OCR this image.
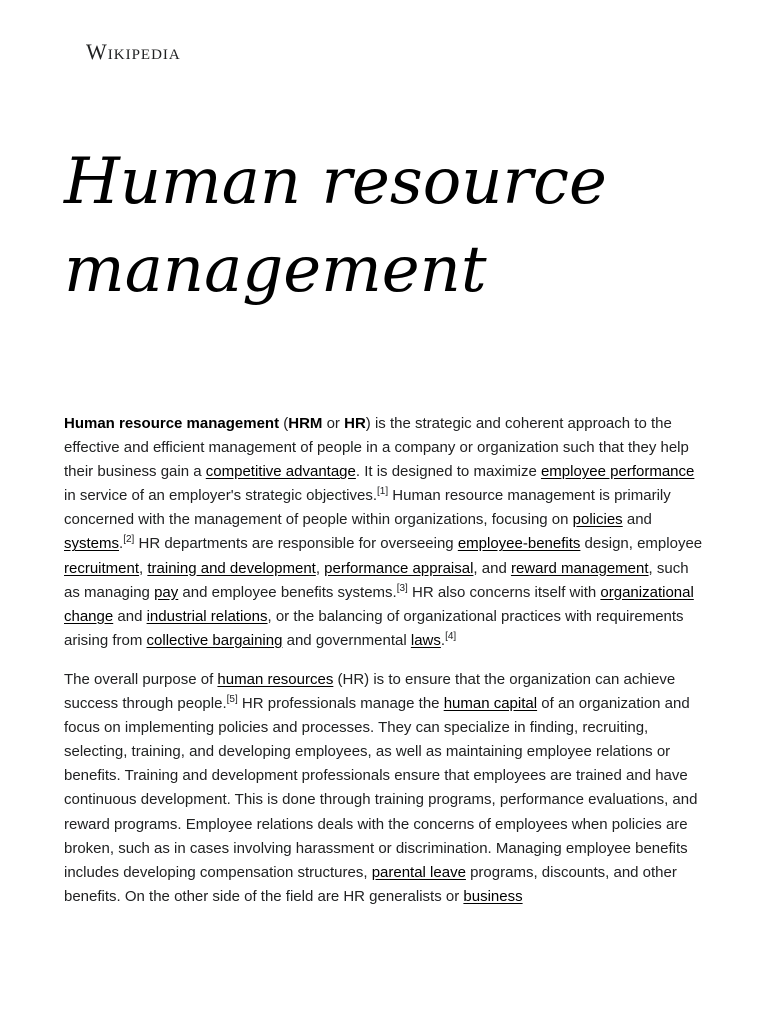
Wikipedia
Human resource management

Human resource management (HRM or HR) is the strategic and coherent approach to the effective and efficient management of people in a company or organization such that they help their business gain a competitive advantage. It is designed to maximize employee performance in service of an employer's strategic objectives.[1] Human resource management is primarily concerned with the management of people within organizations, focusing on policies and systems.[2] HR departments are responsible for overseeing employee-benefits design, employee recruitment, training and development, performance appraisal, and reward management, such as managing pay and employee benefits systems.[3] HR also concerns itself with organizational change and industrial relations, or the balancing of organizational practices with requirements arising from collective bargaining and governmental laws.[4]

The overall purpose of human resources (HR) is to ensure that the organization can achieve success through people.[5] HR professionals manage the human capital of an organization and focus on implementing policies and processes. They can specialize in finding, recruiting, selecting, training, and developing employees, as well as maintaining employee relations or benefits. Training and development professionals ensure that employees are trained and have continuous development. This is done through training programs, performance evaluations, and reward programs. Employee relations deals with the concerns of employees when policies are broken, such as in cases involving harassment or discrimination. Managing employee benefits includes developing compensation structures, parental leave programs, discounts, and other benefits. On the other side of the field are HR generalists or business
